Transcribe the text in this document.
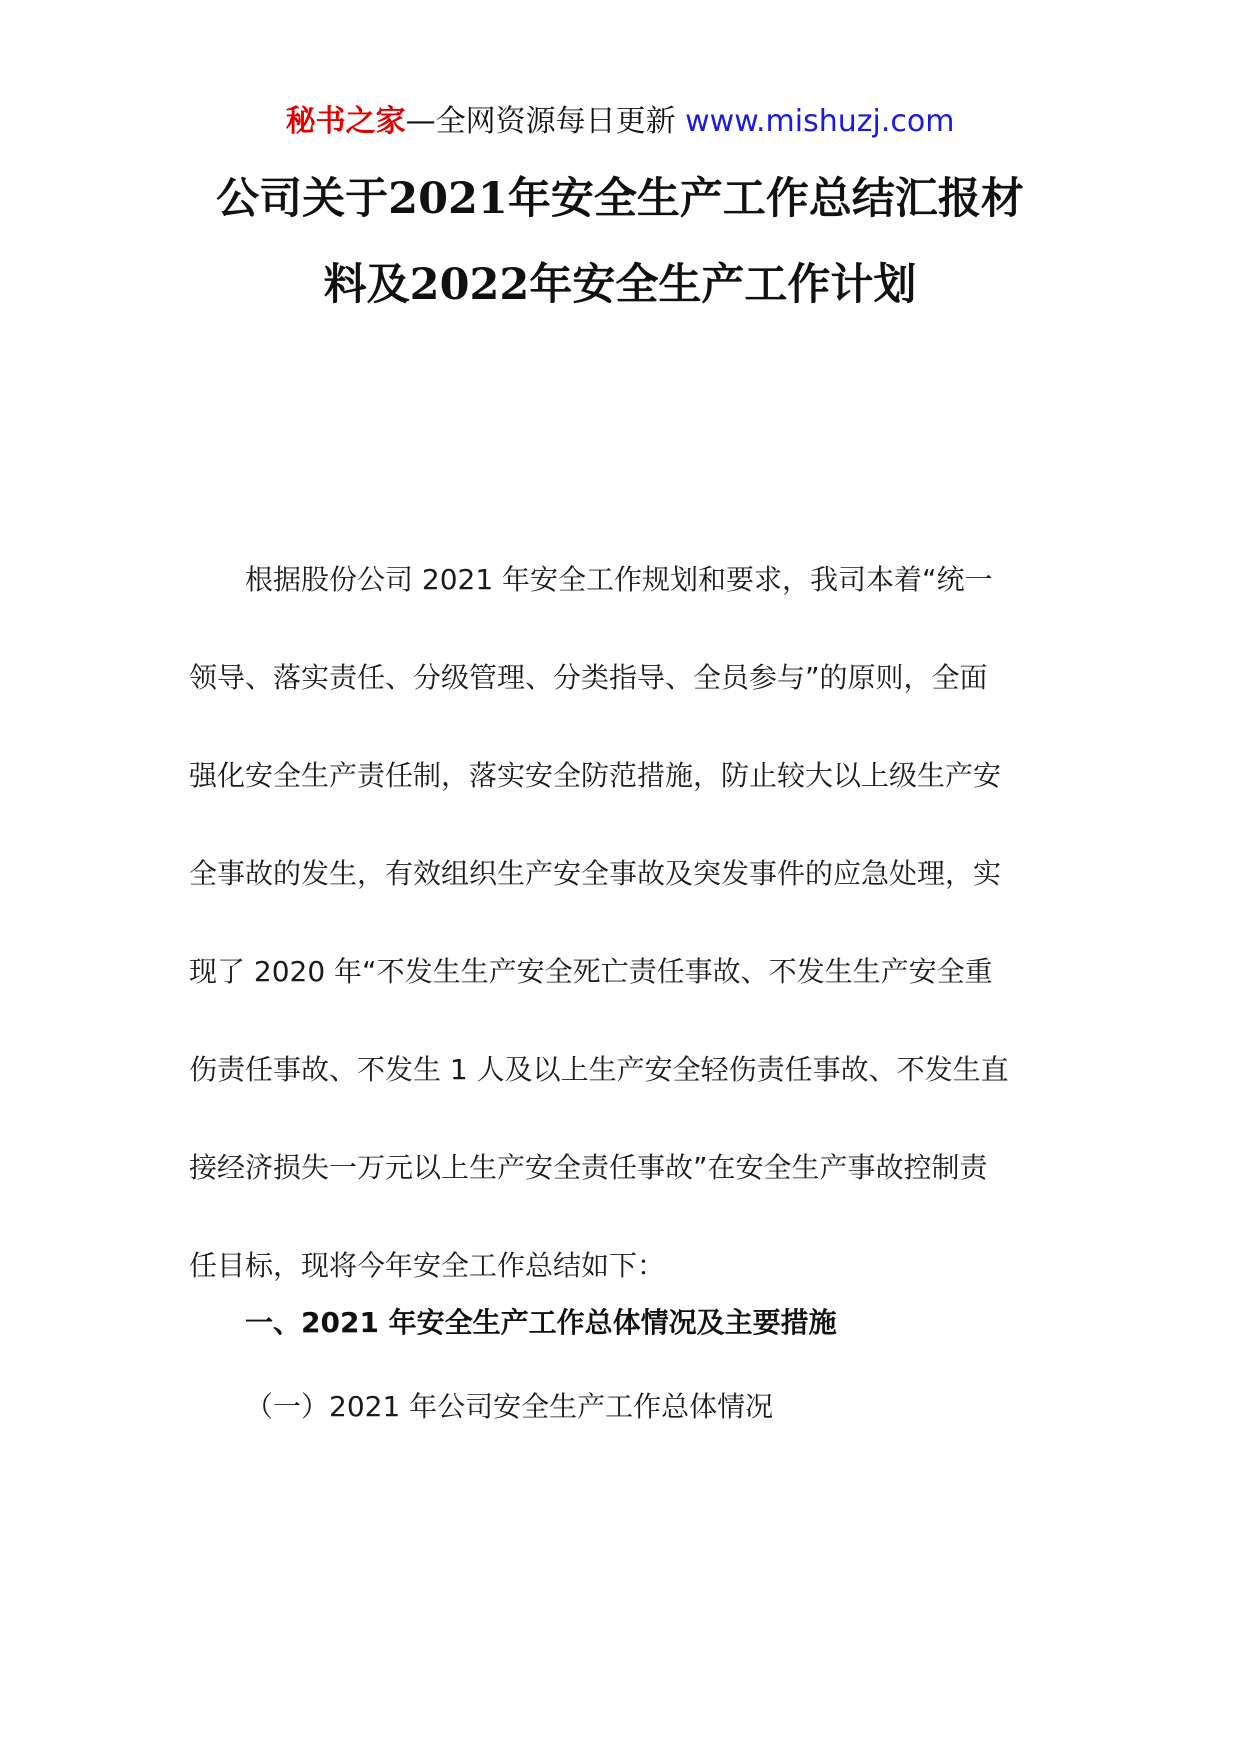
秘书之家—全网资源每日更新 www.mishuzj.com
公司关于2021年安全生产工作总结汇报材
料及2022年安全生产工作计划
根据股份公司 2021 年安全工作规划和要求，我司本着“统一
领导、落实责任、分级管理、分类指导、全员参与”的原则，全面
强化安全生产责任制，落实安全防范措施，防止较大以上级生产安
全事故的发生，有效组织生产安全事故及突发事件的应急处理，实
现了 2020 年“不发生生产安全死亡责任事故、不发生生产安全重
伤责任事故、不发生 1 人及以上生产安全轻伤责任事故、不发生直
接经济损失一万元以上生产安全责任事故”在安全生产事故控制责
任目标，现将今年安全工作总结如下：
一、2021 年安全生产工作总体情况及主要措施
（一）2021 年公司安全生产工作总体情况
